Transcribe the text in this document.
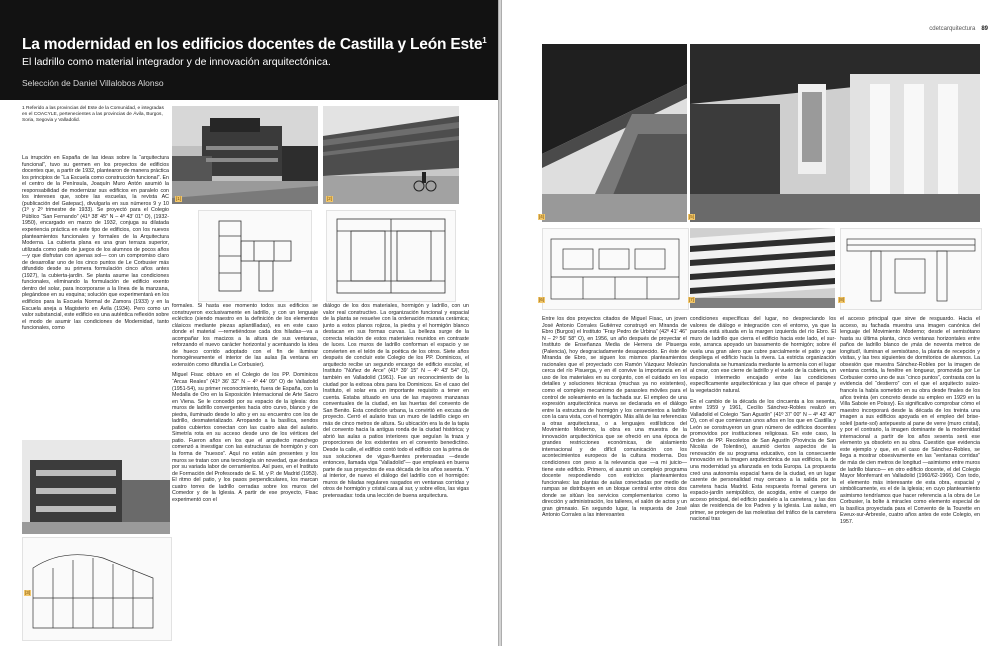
La modernidad en los edificios docentes de Castilla y León Este$^1$
El ladrillo como material integrador y de innovación arquitectónica.
Selección de Daniel Villalobos Alonso
1 Referido a las provincias del Este de la Comunidad, e integradas en el COACYLE, pertenecientes a las provincias de Ávila, Burgos, Soria, Segovia y Valladolid.
La irrupción en España de las ideas sobre la “arquitectura funcional”, tuvo su germen en los proyectos de edificios docentes que, a partir de 1932, plantearon de manera práctica los principios de “La Escuela como construcción funcional”. En el centro de la Península, Joaquín Muro Antón asumió la responsabilidad de modernizar sus edificios en paralelo con los intereses que, sobre las escuelas, la revista AC (publicación del Gatepac), divulgaría en sus números 9 y 10 (1º y 2º trimestre de 1933). Se proyectó para el Colegio Público “San Fernando” (41º 38′ 45″ N – 4º 43′ 01″ O), (1932-1950), encargado en marzo de 1932, conjuga su dilatada experiencia práctica en este tipo de edificios, con los nuevos planteamientos funcionales y formales de la Arquitectura Moderna. La cubierta plana es una gran terraza superior, utilizada como patio de juegos de los alumnos de pocos años —y que disfrutan con apenas sol— con un compromiso claro de desarrollar uno de los cinco puntos de Le Corbusier más difundido desde su primera formulación cinco años antes (1927), la cubierta-jardín. Se planta asume las condiciones funcionales, eliminando la formulación de edificio exento dentro del solar, para incorporarse a la línea de la manzana, plegándose en su esquina; solución que experimentará en los edificios para la Escuela Normal de Zamora (1933) y en la Escuela aneja a Magisterio en Ávila (1934). Pero como un valor substancial, este edificio es una auténtica reflexión sobre el modo de asumir las condiciones de Modernidad, tanto funcionales, como
[1]	[2]

formales. Si hasta ese momento todos sus edificios se construyeron exclusivamente en ladrillo, y con un lenguaje ecléctico (siendo maestro en la definición de los elementos clásicos mediante piezas aplantilladas), es en este caso donde el material —remetiéndose cada dos hiladas—va a acompañar los macizos a la altura de sus ventanas, reforzando el nuevo carácter horizontal y acentuando la idea de hueco corrido adoptado con el fin de iluminar homogéneamente el interior de las aulas (la ventana en extensión como difundía Le Corbusier).

Miguel Fisac obtuvo en el Colegio de los PP. Dominicos “Arcas Reales” (41º 36′ 32″ N – 4º 44′ 09″ O) de Valladolid (1951-54), su primer reconocimiento, fuera de España, con la Medalla de Oro en la Exposición Internacional de Arte Sacro en Viena. Se le concedió por su espacio de la iglesia: dos muros de ladrillo convergentes hacia otro curvo, blanco y de piedra, iluminado desde lo alto y en su encuentro con los de ladrillo, desmaterializado. Arropando a la basílica, sendos patios cubiertos conectan con las cuatro alas del aulario. Simetría rota en su acceso desde uno de los vértices del patio. Fueron años en los que el arquitecto manchego comenzó a investigar con las estructuras de hormigón y con la forma de “huesos”. Aquí no están aún presentes y los muros se tratan con una tecnología sin novedad, que destaca por su variada labor de cerramientos. Así pues, en el Instituto de Formación del Profesorado de E. M. y P. de Madrid (1953). El ritmo del patio, y los pasos perpendiculares, los marcan cuatro torres de ladrillo cerradas sobre los muros del Comedor y de la Iglesia. A partir de ese proyecto, Fisac experimentó con el

diálogo de los dos materiales, hormigón y ladrillo, con un valor real constructivo. La organización funcional y espacial de la planta se resuelve con la ordenación muraria cerámica; junto a estos planos rojizos, la piedra y el hormigón blanco destacan en sus formas curvas. La belleza surge de la correcta relación de estos materiales reunidos en contraste de luces. Los muros de ladrillo conforman el espacio y se convierten en el telón de la poética de los otros. Siete años después de concluir este Colegio de los PP. Dominicos, el arquitecto recibe un segundo encargo de edificio escolar, el Instituto “Núñez de Arce” (41º 39′ 15″ N – 4º 43′ 54″ O), también en Valladolid (1961). Fue un reconocimiento de la ciudad por la exitosa obra para los Dominicos. En el caso del Instituto, el solar era un importante requisito a tener en cuenta. Estaba situado en una de las mayores manzanas conventuales de la ciudad, en las huertas del convento de San Benito. Esta condición urbana, la convirtió en excusa de proyecto. Cerró el aulario tras un muro de ladrillo ciego en más de cinco metros de altura. Su ubicación era la de la tapia del convento hacia la antigua ronda de la ciudad histórica; y abrió las aulas a patios interiores que seguían la traza y proporciones de los existentes en el convento benedictino. Desde la calle, el edificio contó todo el edificio con la prima de sus soluciones de vigas-fluentes pretensadas —desde entonces, llamada viga “Valladolid”— que empleará en buena parte de sus proyectos de esa década de los años sesenta. Y al interior, de nuevo el diálogo del ladrillo con el hormigón: muros de hiladas regulares rasgados en ventanas corridas y otros de hormigón y cristal cara al sur, y sobre ellos, las vigas pretensadas: toda una lección de buena arquitectura.
[3]
cdetcarquitectura 89
[4]	[5]
[6]	[7]	[8]
Entre los dos proyectos citados de Miguel Fisac, un joven José Antonio Corrales Gutiérrez construyó en Miranda de Ebro (Burgos) el Instituto “Fray Pedro de Urbina” (42º 41′ 46″ N – 2º 56′ 58″ O), en 1956, un año después de proyectar el Instituto de Enseñanza Media de Herrera de Pisuerga (Palencia), hoy desgraciadamente desaparecido. En éste de Miranda de Ebro, se siguen los mismos planteamientos racionales que el proyectado con Ramón Vázquez Molezún cerca del río Pisuerga, y en él convive la importancia en el uso de los materiales en su conjunto, con el cuidado en los detalles y soluciones técnicas (muchas ya no existentes), como el complejo mecanismo de parasoles móviles para el control de soleamiento en la fachada sur. El empleo de una expresión arquitectónica nueva se declarada en el diálogo entre la estructura de hormigón y los cerramientos a ladrillo con la cara vista, con el hormigón. Más allá de las referencias a otras arquitecturas, o a lenguajes estilísticos del Movimiento Moderno, la obra es una muestra de la innovación arquitectónica que se ofreció en una época de grandes restricciones económicas, de aislamiento internacional y de difícil comunicación con los acontecimientos europeos de la cultura moderna. Dos condiciones con peso a la relevancia que —a mi juicio— tiene este edificio. Primero, el asumir un complejo programa docente respondiendo con estrictos planteamientos funcionales: las plantas de aulas conectadas por medio de rampas se distribuyen en un bloque central entre otros dos donde se sitúan los servicios complementarios como la dirección y administración, los talleres, el salón de actos y un gran gimnasio. En segundo lugar, la respuesta de José Antonio Corrales a las interesantes

condiciones específicas del lugar, no despreciando los valores de diálogo e integración con el entorno, ya que la parcela está situada en la margen izquierda del río Ebro. El muro de ladrillo que cierra el edificio hacia este lado, el sur-este, arranca apoyado un basamento de hormigón; sobre él vuela una gran alero que cubre parcialmente el patio y que despliega el edificio hacia la rivera. La estricta organización funcionalista se humanizada mediante la armonía con el lugar al crear, con ese cierre de ladrillo y el vuelo de la cubierta, un espacio intermedio encajado entre las condiciones específicamente arquitectónicas y las que ofrece el paraje y la vegetación natural.

En el cambio de la década de los cincuenta a los sesenta, entre 1959 y 1961, Cecilio Sánchez-Robles realizó en Valladolid el Colegio “San Agustín” (41º 37′ 00″ N – 4º 43′ 40″ O), con el que comienzan unos años en los que en Castilla y León se construyeron un gran número de edificios docentes promovidos por instituciones religiosas. En este caso, la Orden de PP. Recoletos de San Agustín (Provincia de San Nicolás de Tolentino), asumió ciertos aspectos de la renovación de su programa educativo, con la consecuente innovación en la imagen arquitectónica de sus edificios, la de una modernidad ya afianzada en toda Europa. La propuesta creó una autonomía espacial fuera de la ciudad, en un lugar carente de personalidad muy cercano a la salida por la carretera hacia Madrid. Esta respuesta formal genera un espacio-jardín semipúblico, de acogida, entre el cuerpo de acceso principal, del edificio paralelo a la carretera, y las dos alas de residencia de los Padres y la iglesia. Las aulas, en primer, se protegen de las molestias del tráfico de la carretera nacional tras

el acceso principal que sirve de resguardo. Hacia el acceso, su fachada muestra una imagen canónica del lenguaje del Movimiento Moderno; desde el semisótano hasta su última planta, cinco ventanas horizontales entre paños de ladrillo blanco de ¡más de noventa metros de longitud!, iluminan el semisótano, la planta de recepción y visitas, y las tres siguientes de dormitorios de alumnos. La obsesión que muestra Sánchez-Robles por la imagen de ventana corrida, la fenêtre en longueur, promovida por Le Corbusier como uno de sus “cinco puntos”, contrasta con la evidencia del “destierro” con el que el arquitecto suizo-francés la había sometido en su obra desde finales de los años treinta (en concreto desde su empleo en 1929 en la Villa Saboie en Poissy). Es significativo comprobar cómo el maestro incorporará desde la década de los treinta una imagen a sus edificios apoyada en el empleo del brise-soleil (parte-sol) antepuesto al pane de verre (muro cristal), y por el contrario, la imagen dominante de la modernidad internacional a partir de los años sesenta será ese elemento ya obsoleto en su obra. Cuestión que evidencia este ejemplo y que, en el caso de Sánchez-Robles, se llega a mostrar obsesivamente en las “ventanas corridas” de más de cien metros de longitud —asimismo entre muros de ladrillo blanco— en otro edificio docente, el del Colegio Mayor Monferrant en Valladolid (1960/62-1966). Con todo, el elemento más interesante de esta obra, espacial y simbólicamente, es el de la iglesia; en cuyo planteamiento asimismo tendríamos que hacer referencia a la obra de Le Corbusier, la boîte à miracles como elemento especial de la basílica proyectada para el Convento de la Tourette en Eveux-sur-Arbresle, cuatro años antes de este Colegio, en 1957.
